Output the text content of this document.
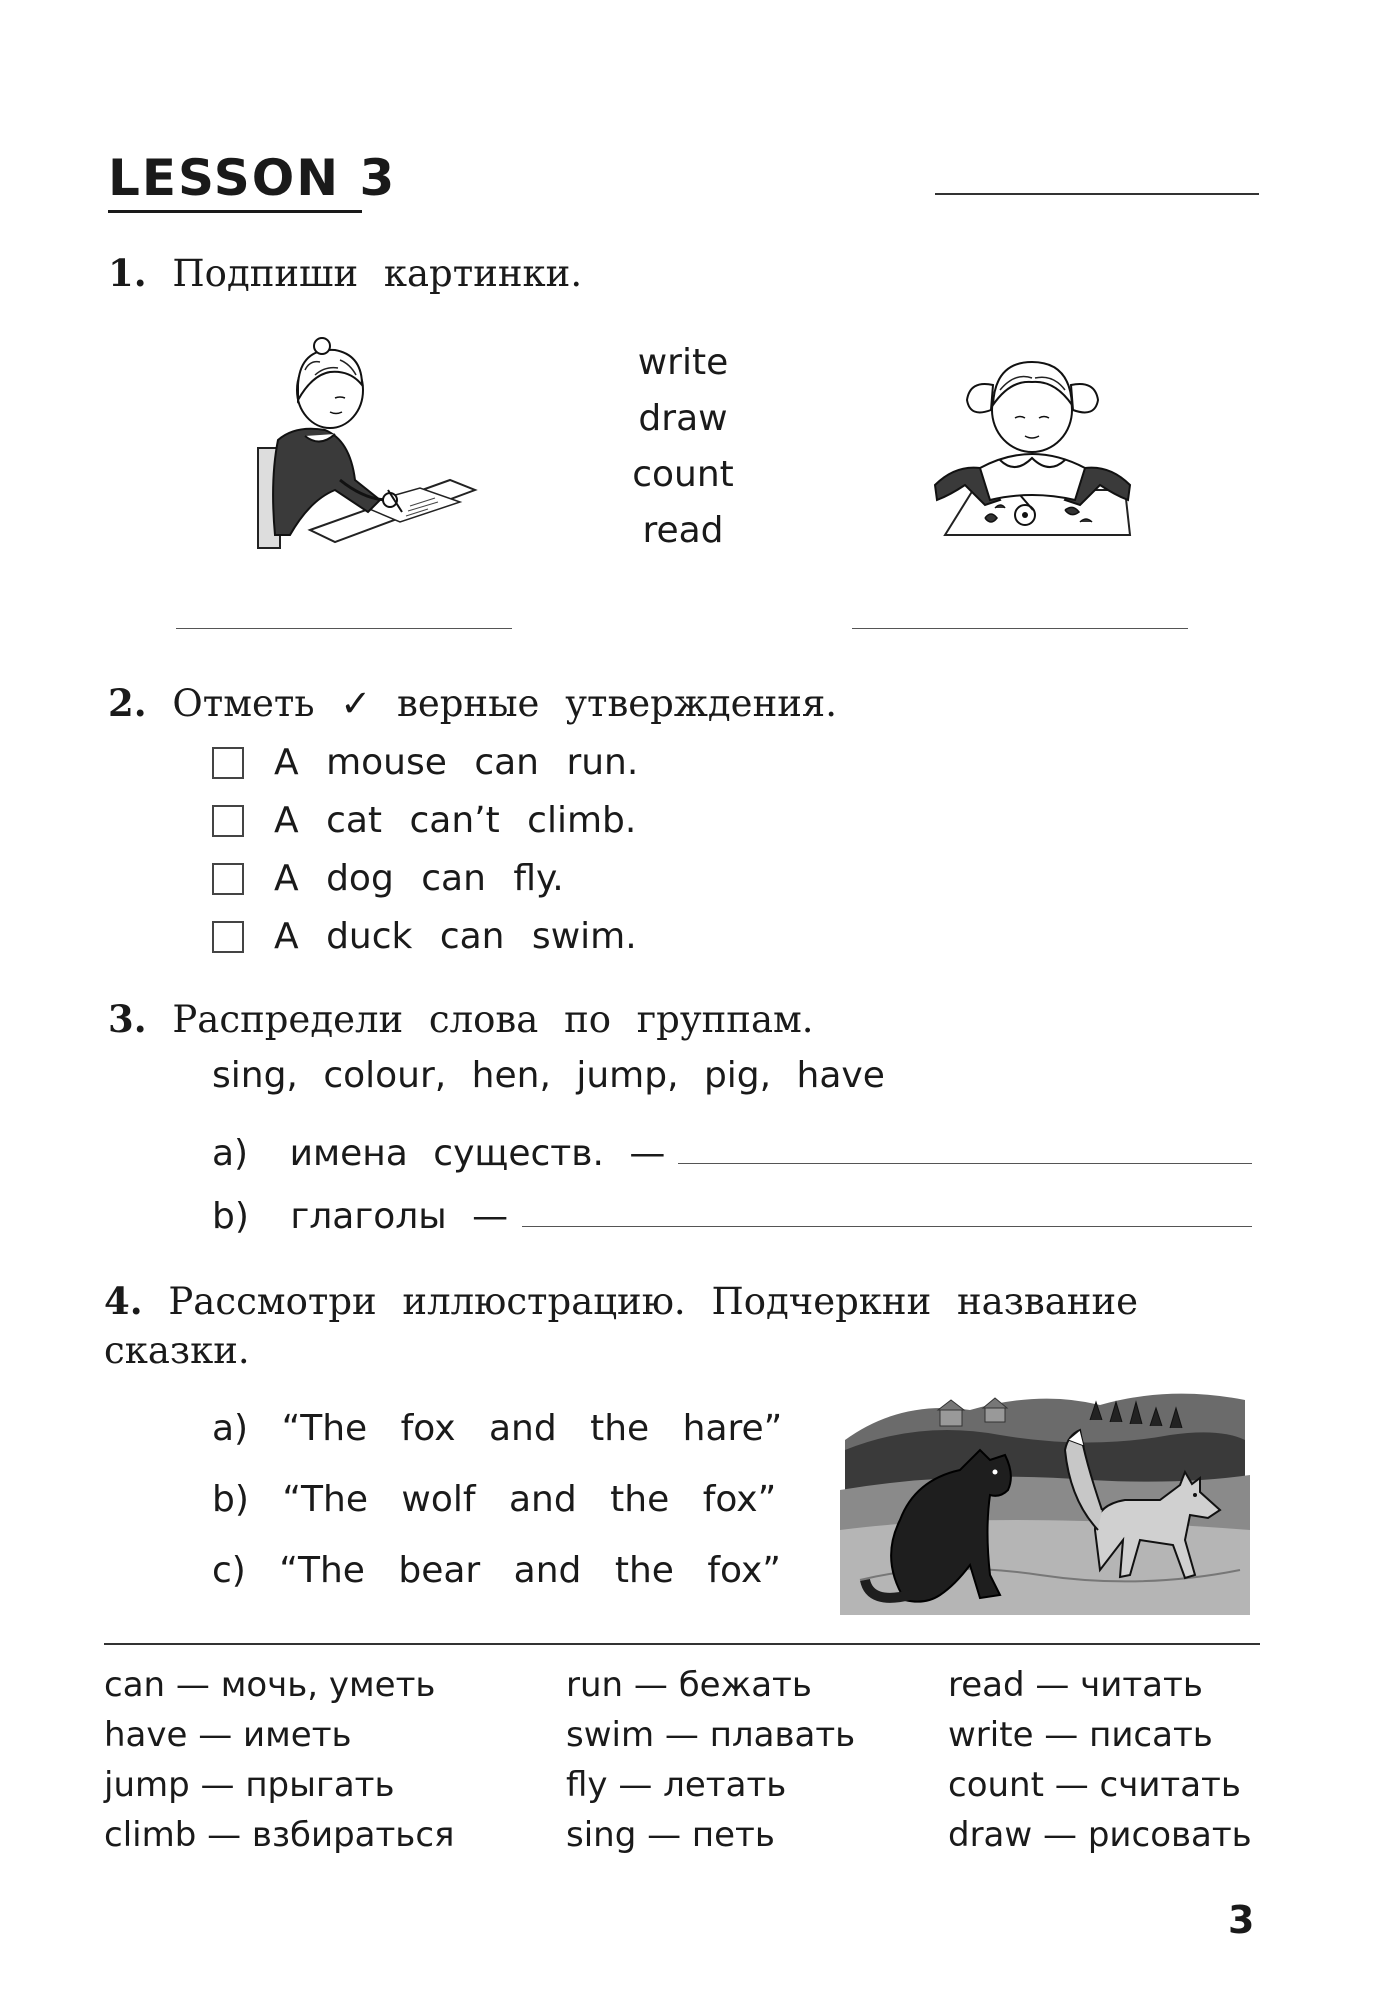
LESSON 3
1. Подпиши картинки.
write
draw
count
read
2. Отметь ✓ верные утверждения.
A mouse can run.
A cat can’t climb.
A dog can fly.
A duck can swim.
3. Распредели слова по группам.
sing, colour, hen, jump, pig, have
a) имена существ. —
b) глаголы —
4. Рассмотри иллюстрацию. Подчеркни название
сказки.
a) “The fox and the hare”
b) “The wolf and the fox”
c) “The bear and the fox”
can — мочь, уметь
have — иметь
jump — прыгать
climb — взбираться
run — бежать
swim — плавать
fly — летать
sing — петь
read — читать
write — писать
count — считать
draw — рисовать
3
